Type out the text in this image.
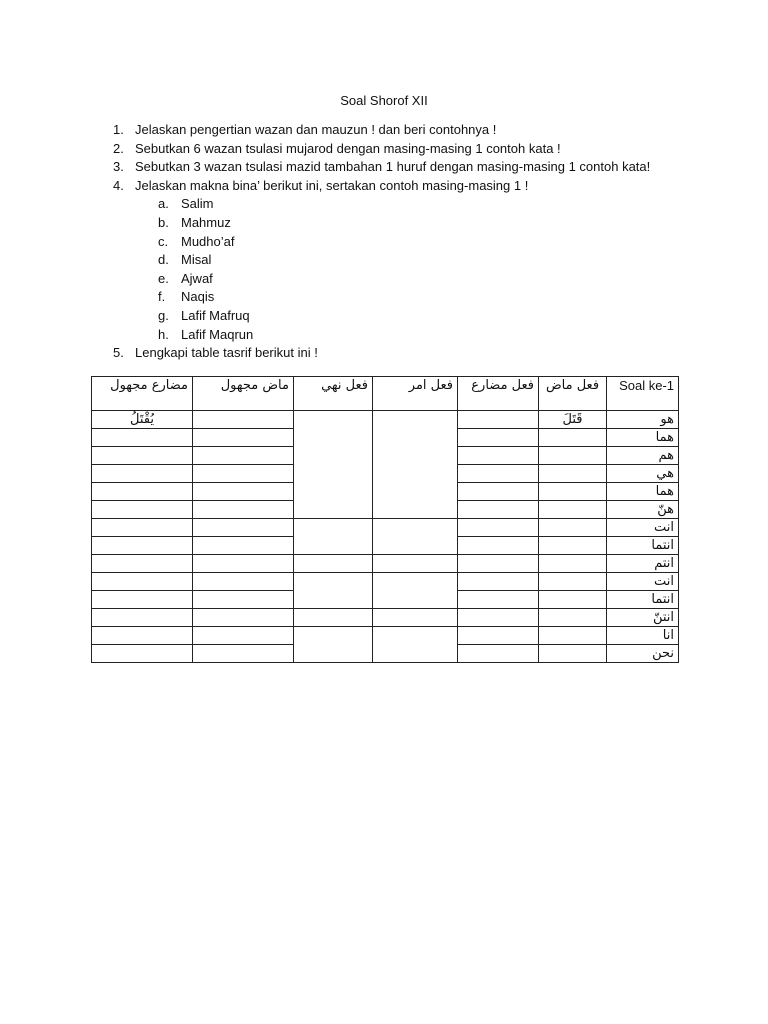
Soal Shorof XII
1. Jelaskan pengertian wazan dan mauzun ! dan beri contohnya !
2. Sebutkan 6 wazan tsulasi mujarod dengan masing-masing 1 contoh kata !
3. Sebutkan 3 wazan tsulasi mazid tambahan 1 huruf dengan masing-masing 1 contoh kata!
4. Jelaskan makna bina’ berikut ini, sertakan contoh masing-masing 1 !
a. Salim
b. Mahmuz
c. Mudho’af
d. Misal
e. Ajwaf
f. Naqis
g. Lafif Mafruq
h. Lafif Maqrun
5. Lengkapi table tasrif berikut ini !
مضارع مجهول	ماض مجهول	فعل نهي	فعل امر	فعل مضارع	فعل ماض	Soal ke-1
يُقْتَلُ					قَتَلَ	هو
						هما
						هم
						هي
						هما
						هنّ
						انت
						انتما
						انتم
						انت
						انتما
						انتنّ
						انا
						نحن
